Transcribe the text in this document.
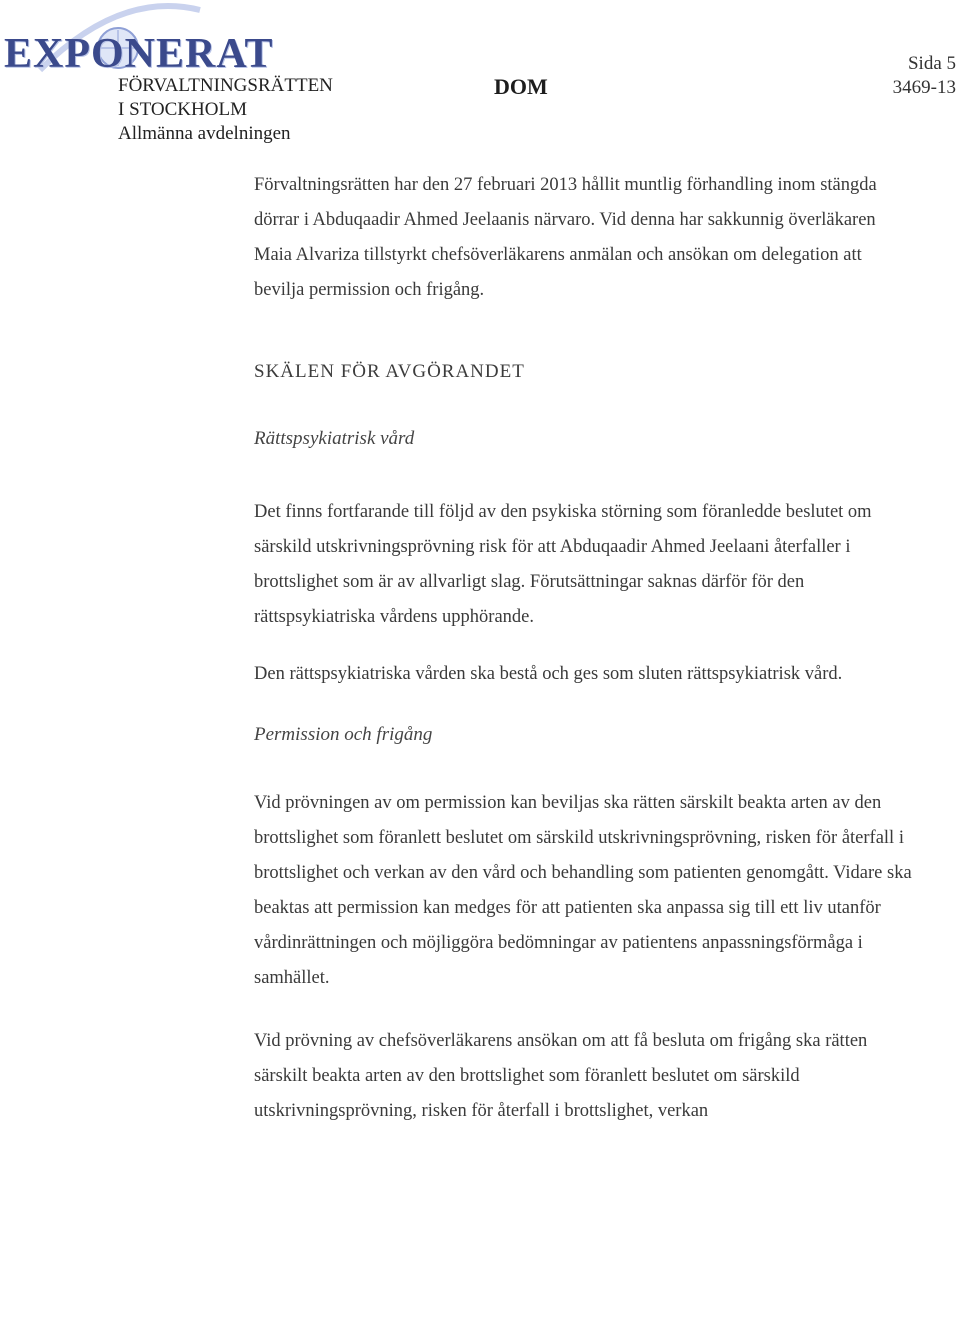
EXPONERAT
FÖRVALTNINGSRÄTTEN
I STOCKHOLM
Allmänna avdelningen
DOM
Sida 5
3469-13

Förvaltningsrätten har den 27 februari 2013 hållit muntlig förhandling inom stängda dörrar i Abduqaadir Ahmed Jeelaanis närvaro. Vid denna har sakkunnig överläkaren Maia Alvariza tillstyrkt chefsöverläkarens anmälan och ansökan om delegation att bevilja permission och frigång.

SKÄLEN FÖR AVGÖRANDET

Rättspsykiatrisk vård

Det finns fortfarande till följd av den psykiska störning som föranledde beslutet om särskild utskrivningsprövning risk för att Abduqaadir Ahmed Jeelaani återfaller i brottslighet som är av allvarligt slag. Förutsättningar saknas därför för den rättspsykiatriska vårdens upphörande.

Den rättspsykiatriska vården ska bestå och ges som sluten rättspsykiatrisk vård.

Permission och frigång

Vid prövningen av om permission kan beviljas ska rätten särskilt beakta arten av den brottslighet som föranlett beslutet om särskild utskrivningsprövning, risken för återfall i brottslighet och verkan av den vård och behandling som patienten genomgått. Vidare ska beaktas att permission kan medges för att patienten ska anpassa sig till ett liv utanför vårdinrättningen och möjliggöra bedömningar av patientens anpassningsförmåga i samhället.

Vid prövning av chefsöverläkarens ansökan om att få besluta om frigång ska rätten särskilt beakta arten av den brottslighet som föranlett beslutet om särskild utskrivningsprövning, risken för återfall i brottslighet, verkan
